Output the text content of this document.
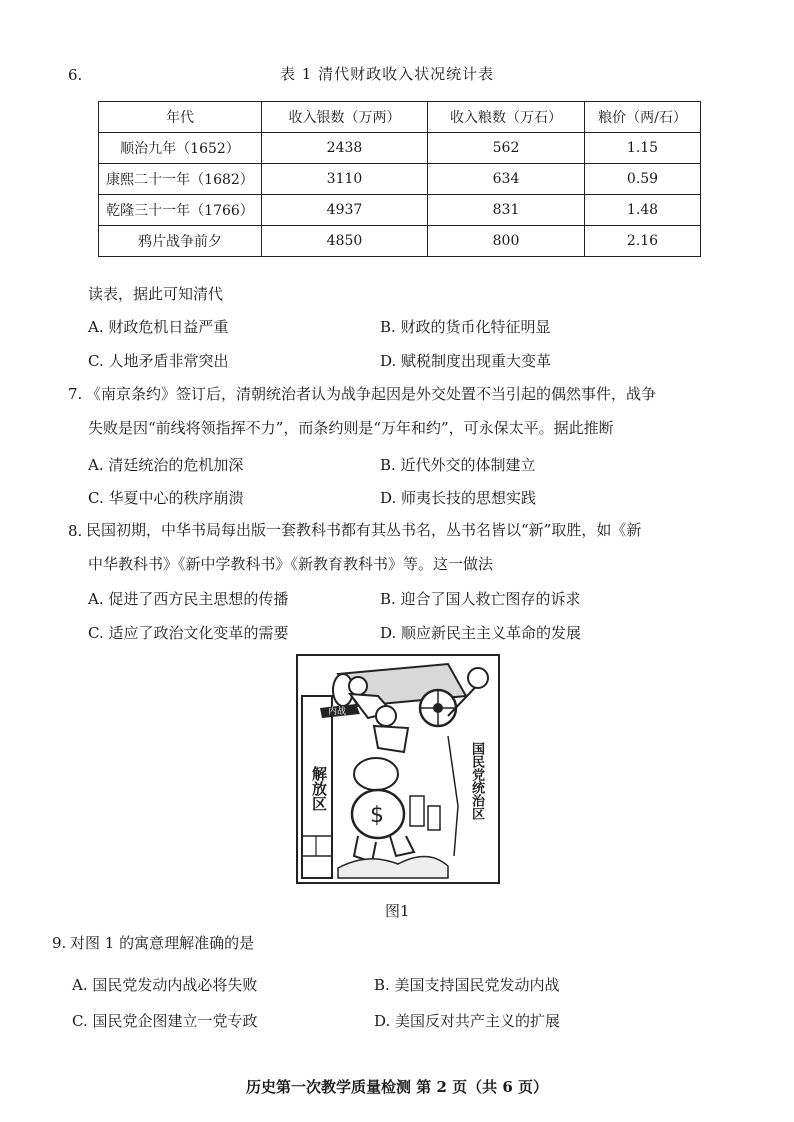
6.	表 1 清代财政收入状况统计表
年代	收入银数（万两）	收入粮数（万石）	粮价（两/石）
顺治九年（1652）	2438	562	1.15
康熙二十一年（1682）	3110	634	0.59
乾隆三十一年（1766）	4937	831	1.48
鸦片战争前夕	4850	800	2.16
读表，据此可知清代
A. 财政危机日益严重	B. 财政的货币化特征明显
C. 人地矛盾非常突出	D. 赋税制度出现重大变革
7. 《南京条约》签订后，清朝统治者认为战争起因是外交处置不当引起的偶然事件，战争
失败是因“前线将领指挥不力”，而条约则是“万年和约”，可永保太平。据此推断
A. 清廷统治的危机加深	B. 近代外交的体制建立
C. 华夏中心的秩序崩溃	D. 师夷长技的思想实践
8. 民国初期，中华书局每出版一套教科书都有其丛书名，丛书名皆以“新”取胜，如《新
中华教科书》《新中学教科书》《新教育教科书》等。这一做法
A. 促进了西方民主思想的传播	B. 迎合了国人救亡图存的诉求
C. 适应了政治文化变革的需要	D. 顺应新民主主义革命的发展
$
解放区	国民党统治区
内战
图1
9. 对图 1 的寓意理解准确的是
A. 国民党发动内战必将失败	B. 美国支持国民党发动内战
C. 国民党企图建立一党专政	D. 美国反对共产主义的扩展
历史第一次教学质量检测 第 2 页（共 6 页）
